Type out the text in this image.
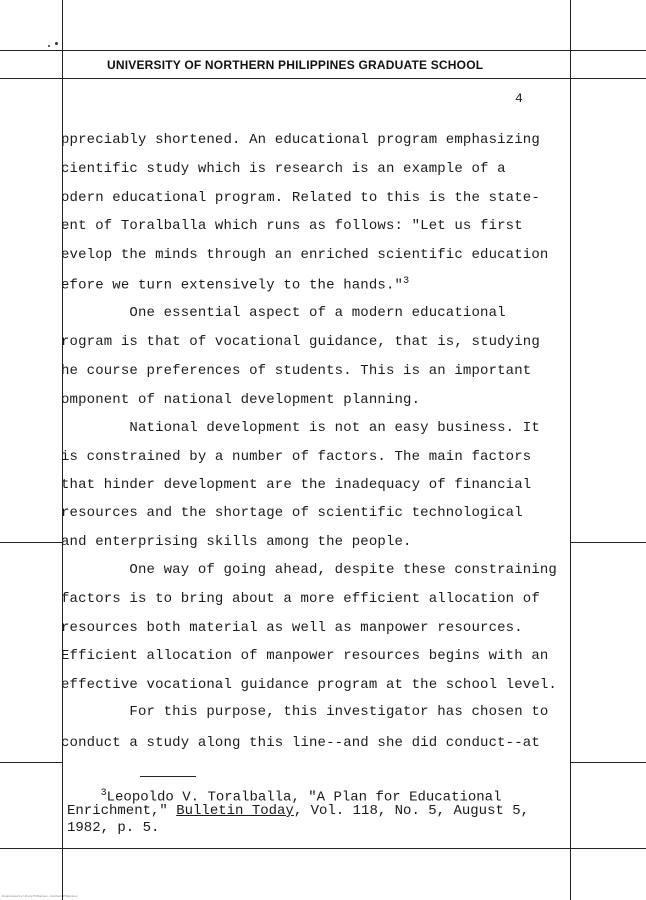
UNIVERSITY OF NORTHERN PHILIPPINES GRADUATE SCHOOL
4
ppreciably shortened. An educational program emphasizing
cientific study which is research is an example of a
odern educational program. Related to this is the state-
ent of Toralballa which runs as follows: "Let us first
evelop the minds through an enriched scientific education
efore we turn extensively to the hands."$^3$
One essential aspect of a modern educational
rogram is that of vocational guidance, that is, studying
he course preferences of students. This is an important
omponent of national development planning.
National development is not an easy business. It
is constrained by a number of factors. The main factors
that hinder development are the inadequacy of financial
resources and the shortage of scientific technological
and enterprising skills among the people.
One way of going ahead, despite these constraining
factors is to bring about a more efficient allocation of
resources both material as well as manpower resources.
Efficient allocation of manpower resources begins with an
effective vocational guidance program at the school level.
For this purpose, this investigator has chosen to
conduct a study along this line--and she did conduct--at
$^3$Leopoldo V. Toralballa, "A Plan for Educational
Enrichment," Bulletin Today, Vol. 118, No. 5, August 5,
1982, p. 5.
Reproduced by Library Philippines - Northern Philippines
